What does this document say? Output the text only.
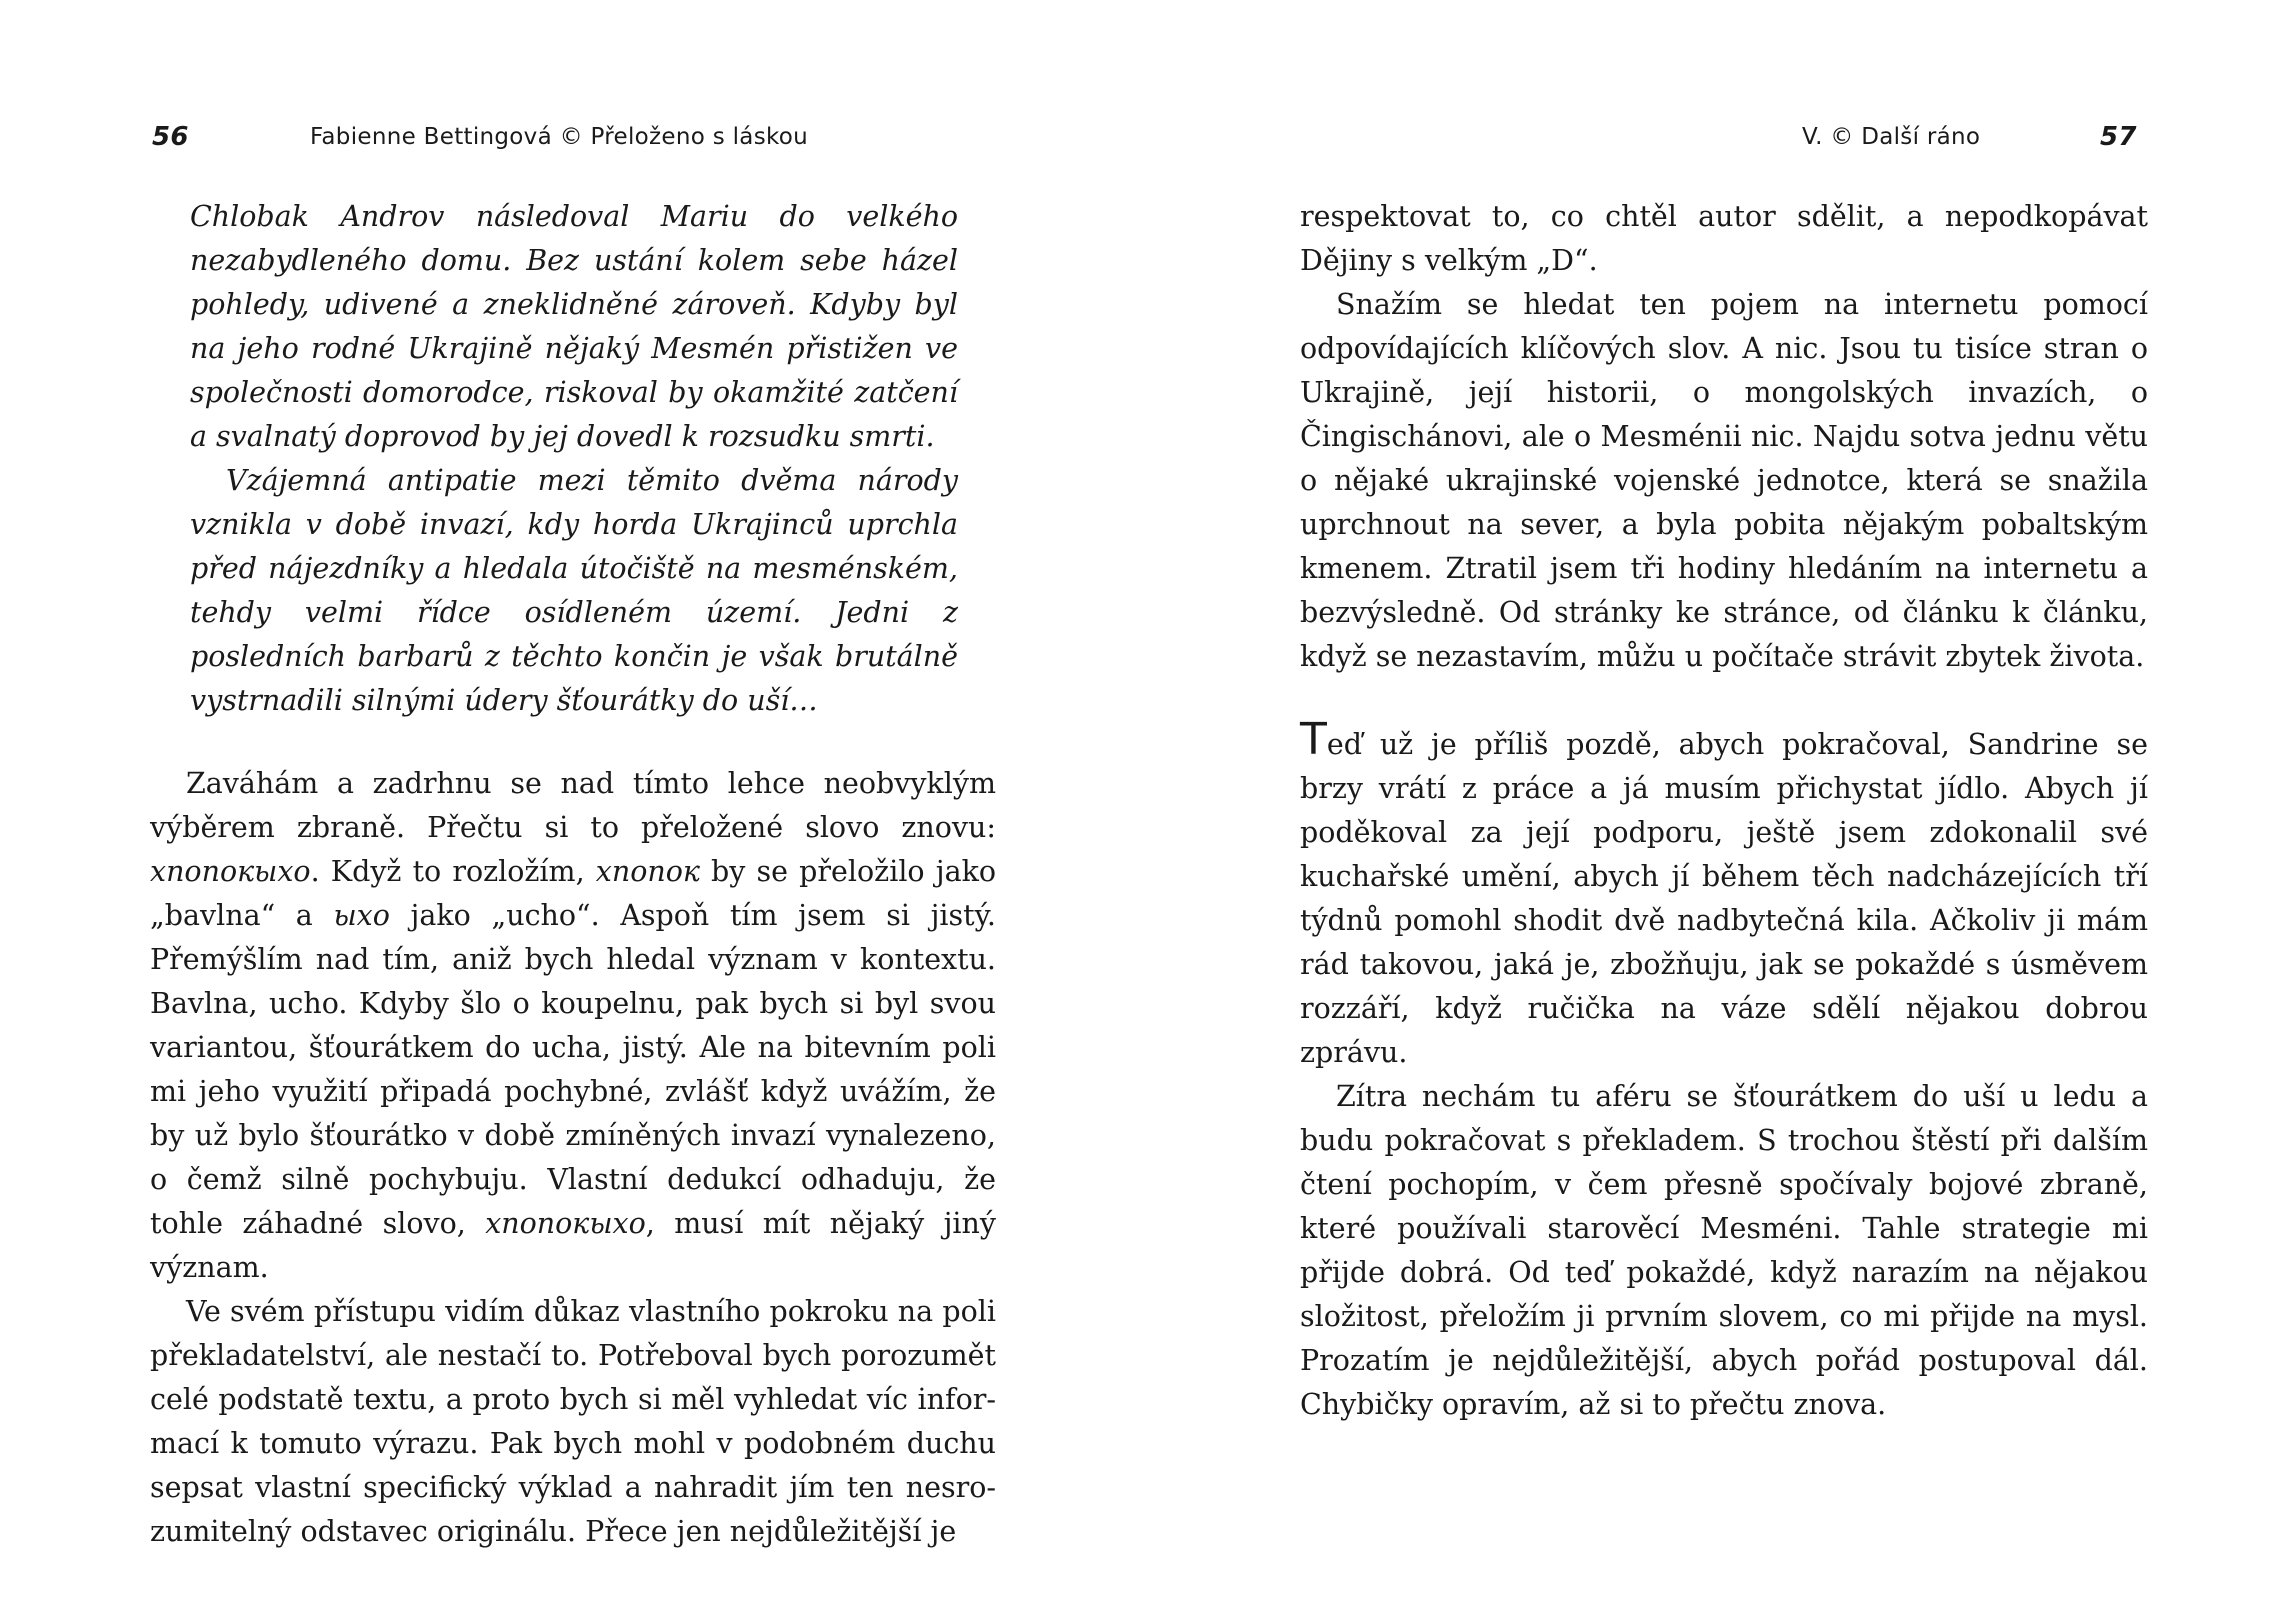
56	Fabienne Bettingová © Přeloženo s láskou

Chlobak Androv následoval Mariu do velkého nezabydleného domu. Bez ustání kolem sebe házel pohledy, udivené a zneklidněné zároveň. Kdyby byl na jeho rodné Ukrajině nějaký Mesmén přistižen ve společnosti domorodce, riskoval by okamžité zatčení a svalnatý doprovod by jej dovedl k rozsudku smrti.

Vzájemná antipatie mezi těmito dvěma národy vznikla v době invazí, kdy horda Ukrajinců uprchla před nájezdníky a hledala útočiště na mesménském, tehdy velmi řídce osídleném území. Jedni z posledních barbarů z těchto končin je však brutálně vystrnadili silnými údery šťourátky do uší…

Zaváhám a zadrhnu se nad tímto lehce neobvyklým výběrem zbraně. Přečtu si to přeložené slovo znovu: хпопокыхо. Když to rozložím, хпопок by se přeložilo jako „bavlna“ a ыхо jako „ucho“. Aspoň tím jsem si jistý. Přemýšlím nad tím, aniž bych hledal význam v kontextu. Bavlna, ucho. Kdyby šlo o koupelnu, pak bych si byl svou variantou, šťourátkem do ucha, jistý. Ale na bitevním poli mi jeho využití připadá pochybné, zvlášť když uvážím, že by už bylo šťourátko v době zmíněných invazí vynalezeno, o čemž silně pochybuju. Vlastní dedukcí odhaduju, že tohle záhadné slovo, хпопокыхо, musí mít nějaký jiný význam.

Ve svém přístupu vidím důkaz vlastního pokroku na poli překladatelství, ale nestačí to. Potřeboval bych porozumět celé podstatě textu, a proto bych si měl vyhledat víc informací k tomuto výrazu. Pak bych mohl v podobném duchu sepsat vlastní specifický výklad a nahradit jím ten nesrozumitelný odstavec originálu. Přece jen nejdůležitější je

V. © Další ráno	57

respektovat to, co chtěl autor sdělit, a nepodkopávat Dějiny s velkým „D“.

Snažím se hledat ten pojem na internetu pomocí odpovídajících klíčových slov. A nic. Jsou tu tisíce stran o Ukrajině, její historii, o mongolských invazích, o Čingischánovi, ale o Mesménii nic. Najdu sotva jednu větu o nějaké ukrajinské vojenské jednotce, která se snažila uprchnout na sever, a byla pobita nějakým pobaltským kmenem. Ztratil jsem tři hodiny hledáním na internetu a bezvýsledně. Od stránky ke stránce, od článku k článku, když se nezastavím, můžu u počítače strávit zbytek života.

Teď už je příliš pozdě, abych pokračoval, Sandrine se brzy vrátí z práce a já musím přichystat jídlo. Abych jí poděkoval za její podporu, ještě jsem zdokonalil své kuchařské umění, abych jí během těch nadcházejících tří týdnů pomohl shodit dvě nadbytečná kila. Ačkoliv ji mám rád takovou, jaká je, zbožňuju, jak se pokaždé s úsměvem rozzáří, když ručička na váze sdělí nějakou dobrou zprávu.

Zítra nechám tu aféru se šťourátkem do uší u ledu a budu pokračovat s překladem. S trochou štěstí při dalším čtení pochopím, v čem přesně spočívaly bojové zbraně, které používali starověcí Mesméni. Tahle strategie mi přijde dobrá. Od teď pokaždé, když narazím na nějakou složitost, přeložím ji prvním slovem, co mi přijde na mysl. Prozatím je nejdůležitější, abych pořád postupoval dál. Chybičky opravím, až si to přečtu znova.
